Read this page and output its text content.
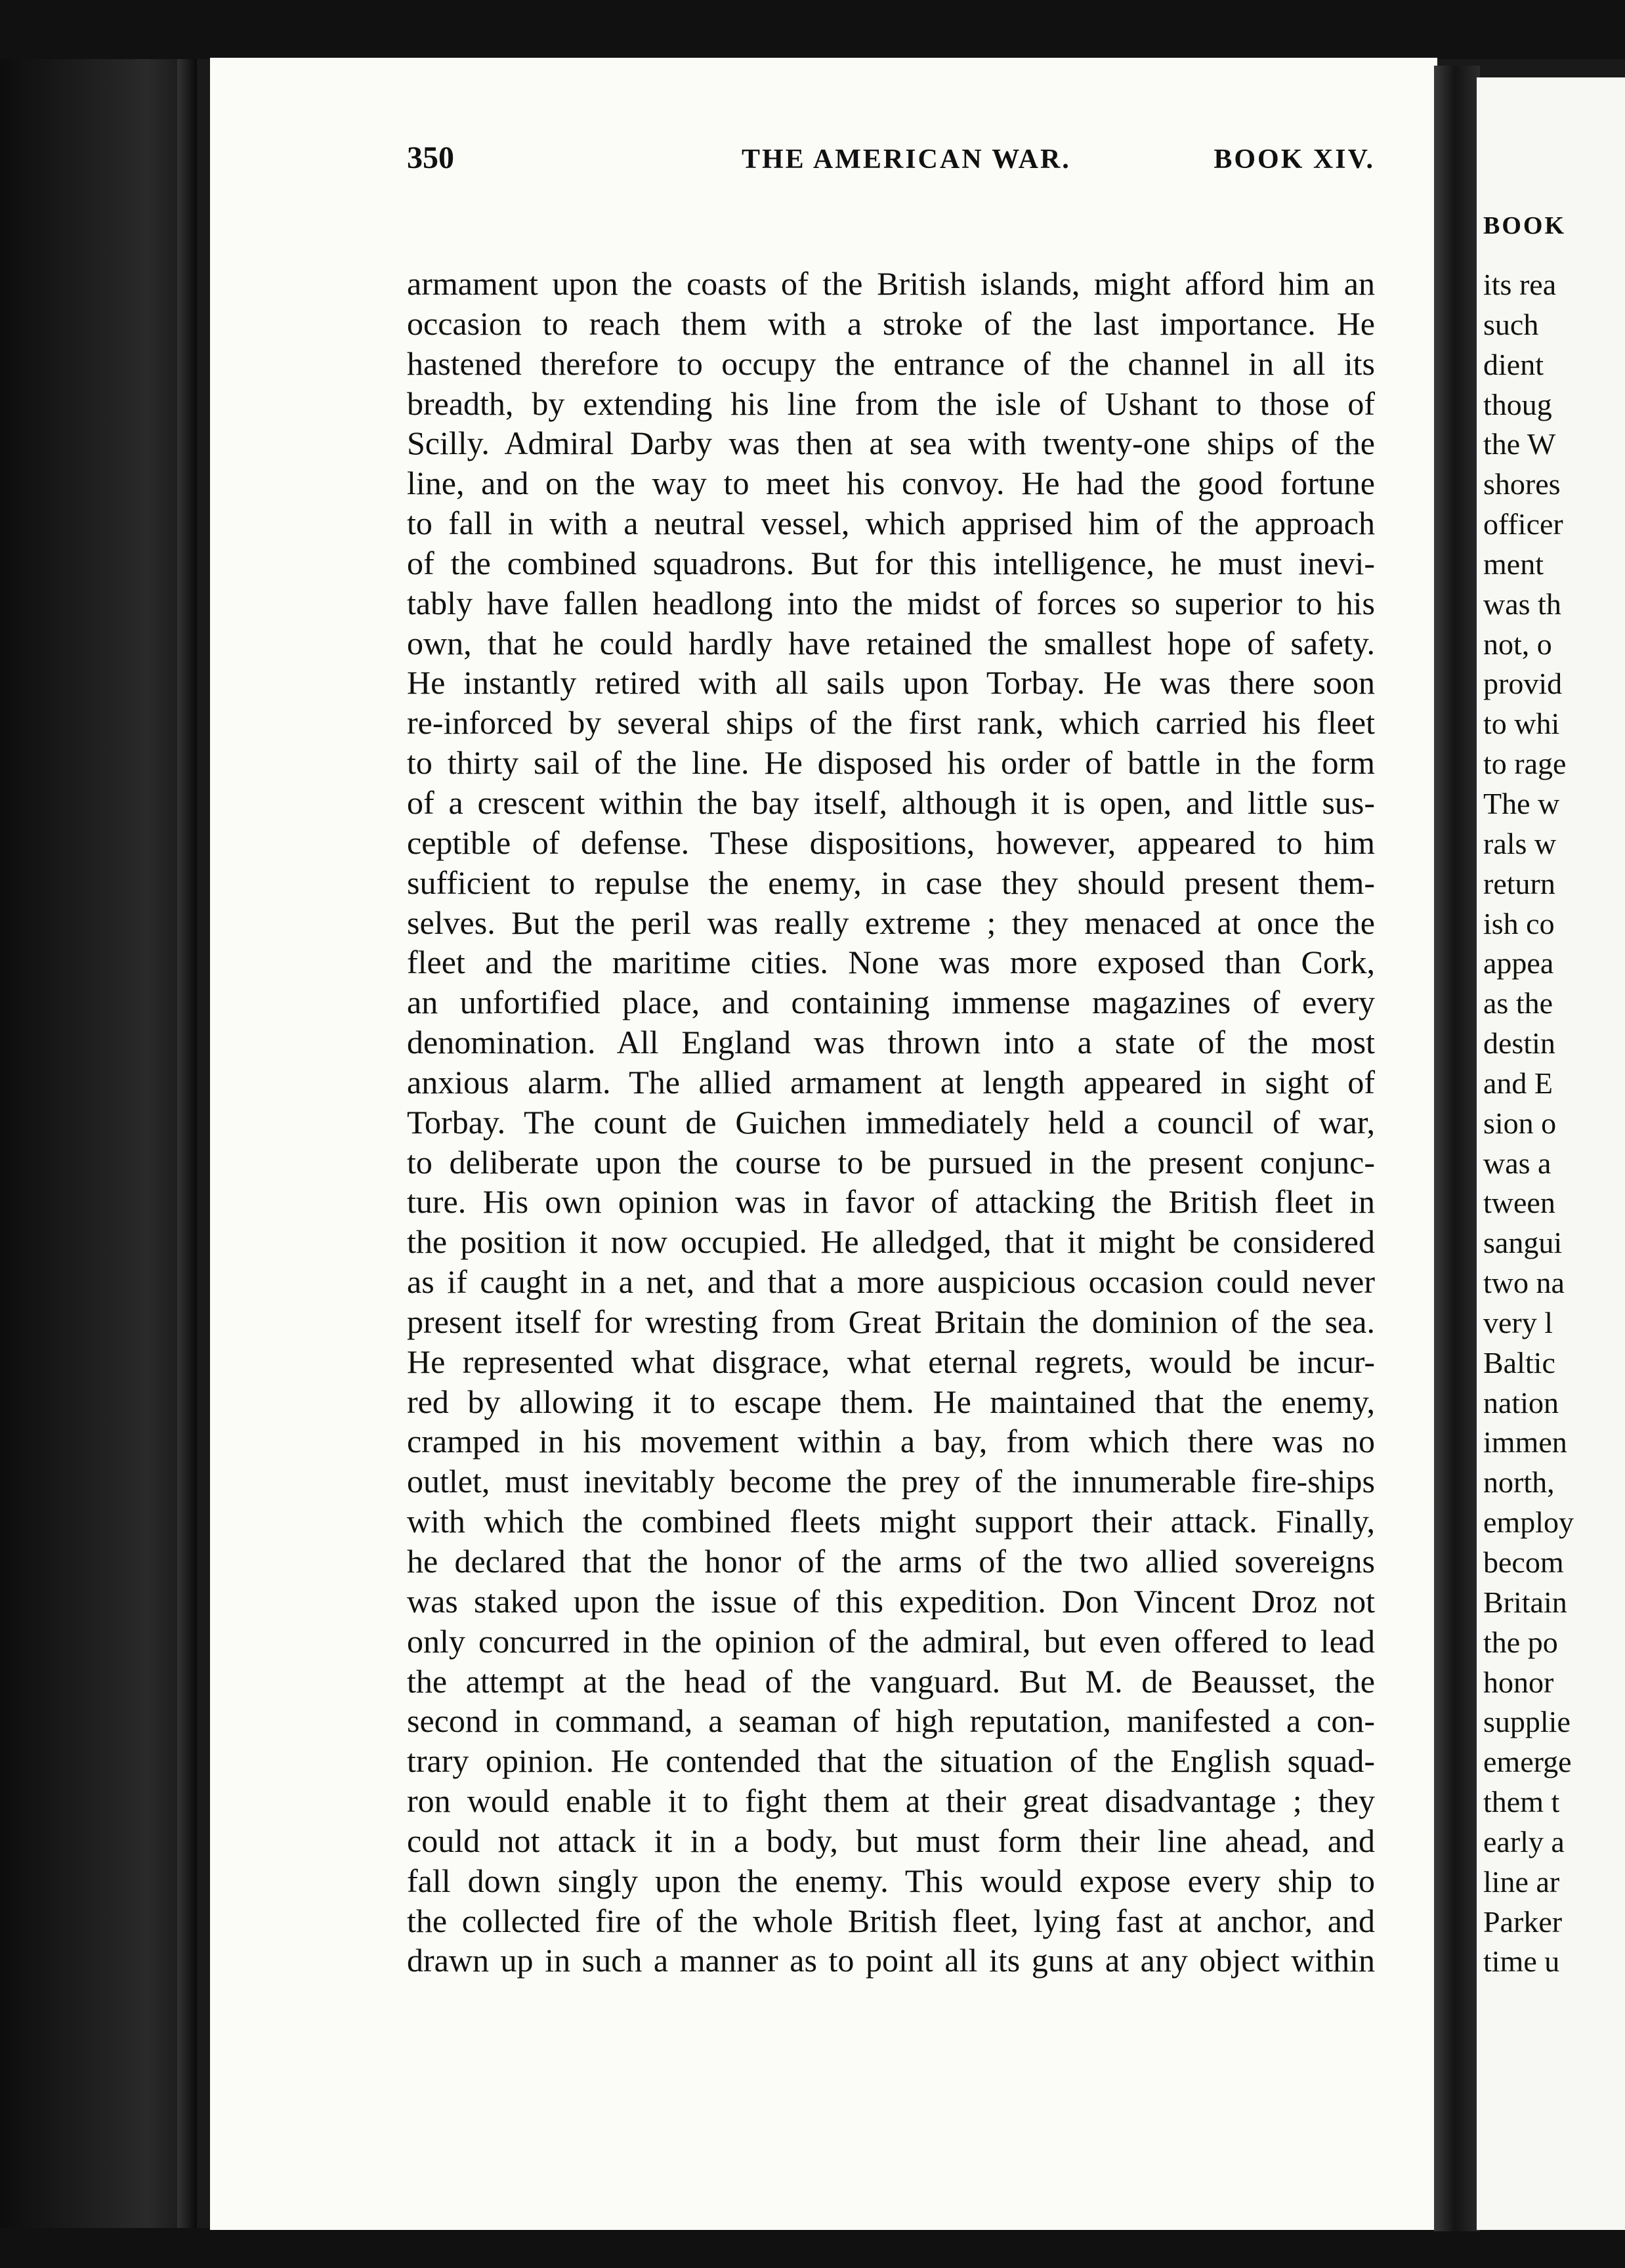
BOOK
its rea
such
dient
thoug
the W
shores
officer
ment
was th
not, o
provid
to whi
to rage
The w
rals w
return
ish co
appea
as the
destin
and E
sion o
was a
tween
sangui
two na
very l
Baltic
nation
immen
north,
employ
becom
Britain
the po
honor
supplie
emerge
them t
early a
line ar
Parker
time u
350	THE AMERICAN WAR.	BOOK XIV.
armament upon the coasts of the British islands, might afford him an
occasion to reach them with a stroke of the last importance. He
hastened therefore to occupy the entrance of the channel in all its
breadth, by extending his line from the isle of Ushant to those of
Scilly. Admiral Darby was then at sea with twenty-one ships of the
line, and on the way to meet his convoy. He had the good fortune
to fall in with a neutral vessel, which apprised him of the approach
of the combined squadrons. But for this intelligence, he must inevi-
tably have fallen headlong into the midst of forces so superior to his
own, that he could hardly have retained the smallest hope of safety.
He instantly retired with all sails upon Torbay. He was there soon
re-inforced by several ships of the first rank, which carried his fleet
to thirty sail of the line. He disposed his order of battle in the form
of a crescent within the bay itself, although it is open, and little sus-
ceptible of defense. These dispositions, however, appeared to him
sufficient to repulse the enemy, in case they should present them-
selves. But the peril was really extreme ; they menaced at once the
fleet and the maritime cities. None was more exposed than Cork,
an unfortified place, and containing immense magazines of every
denomination. All England was thrown into a state of the most
anxious alarm. The allied armament at length appeared in sight of
Torbay. The count de Guichen immediately held a council of war,
to deliberate upon the course to be pursued in the present conjunc-
ture. His own opinion was in favor of attacking the British fleet in
the position it now occupied. He alledged, that it might be considered
as if caught in a net, and that a more auspicious occasion could never
present itself for wresting from Great Britain the dominion of the sea.
He represented what disgrace, what eternal regrets, would be incur-
red by allowing it to escape them. He maintained that the enemy,
cramped in his movement within a bay, from which there was no
outlet, must inevitably become the prey of the innumerable fire-ships
with which the combined fleets might support their attack. Finally,
he declared that the honor of the arms of the two allied sovereigns
was staked upon the issue of this expedition. Don Vincent Droz not
only concurred in the opinion of the admiral, but even offered to lead
the attempt at the head of the vanguard. But M. de Beausset, the
second in command, a seaman of high reputation, manifested a con-
trary opinion. He contended that the situation of the English squad-
ron would enable it to fight them at their great disadvantage ; they
could not attack it in a body, but must form their line ahead, and
fall down singly upon the enemy. This would expose every ship to
the collected fire of the whole British fleet, lying fast at anchor, and
drawn up in such a manner as to point all its guns at any object within
